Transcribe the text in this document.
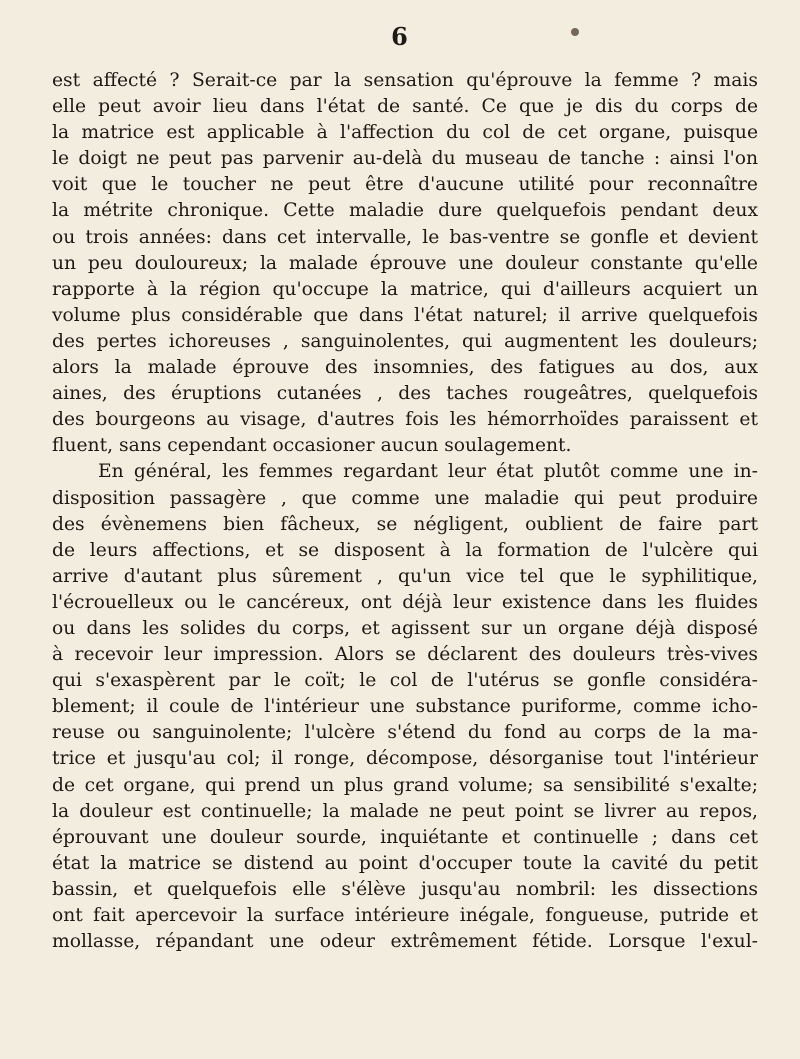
6
est affecté ? Serait-ce par la sensation qu'éprouve la femme ? mais
elle peut avoir lieu dans l'état de santé. Ce que je dis du corps de
la matrice est applicable à l'affection du col de cet organe, puisque
le doigt ne peut pas parvenir au-delà du museau de tanche : ainsi l'on
voit que le toucher ne peut être d'aucune utilité pour reconnaître
la métrite chronique. Cette maladie dure quelquefois pendant deux
ou trois années: dans cet intervalle, le bas-ventre se gonfle et devient
un peu douloureux; la malade éprouve une douleur constante qu'elle
rapporte à la région qu'occupe la matrice, qui d'ailleurs acquiert un
volume plus considérable que dans l'état naturel; il arrive quelquefois
des pertes ichoreuses , sanguinolentes, qui augmentent les douleurs;
alors la malade éprouve des insomnies, des fatigues au dos, aux
aines, des éruptions cutanées , des taches rougeâtres, quelquefois
des bourgeons au visage, d'autres fois les hémorrhoïdes paraissent et
fluent, sans cependant occasioner aucun soulagement.
En général, les femmes regardant leur état plutôt comme une in-
disposition passagère , que comme une maladie qui peut produire
des évènemens bien fâcheux, se négligent, oublient de faire part
de leurs affections, et se disposent à la formation de l'ulcère qui
arrive d'autant plus sûrement , qu'un vice tel que le syphilitique,
l'écrouelleux ou le cancéreux, ont déjà leur existence dans les fluides
ou dans les solides du corps, et agissent sur un organe déjà disposé
à recevoir leur impression. Alors se déclarent des douleurs très-vives
qui s'exaspèrent par le coït; le col de l'utérus se gonfle considéra-
blement; il coule de l'intérieur une substance puriforme, comme icho-
reuse ou sanguinolente; l'ulcère s'étend du fond au corps de la ma-
trice et jusqu'au col; il ronge, décompose, désorganise tout l'intérieur
de cet organe, qui prend un plus grand volume; sa sensibilité s'exalte;
la douleur est continuelle; la malade ne peut point se livrer au repos,
éprouvant une douleur sourde, inquiétante et continuelle ; dans cet
état la matrice se distend au point d'occuper toute la cavité du petit
bassin, et quelquefois elle s'élève jusqu'au nombril: les dissections
ont fait apercevoir la surface intérieure inégale, fongueuse, putride et
mollasse, répandant une odeur extrêmement fétide. Lorsque l'exul-
